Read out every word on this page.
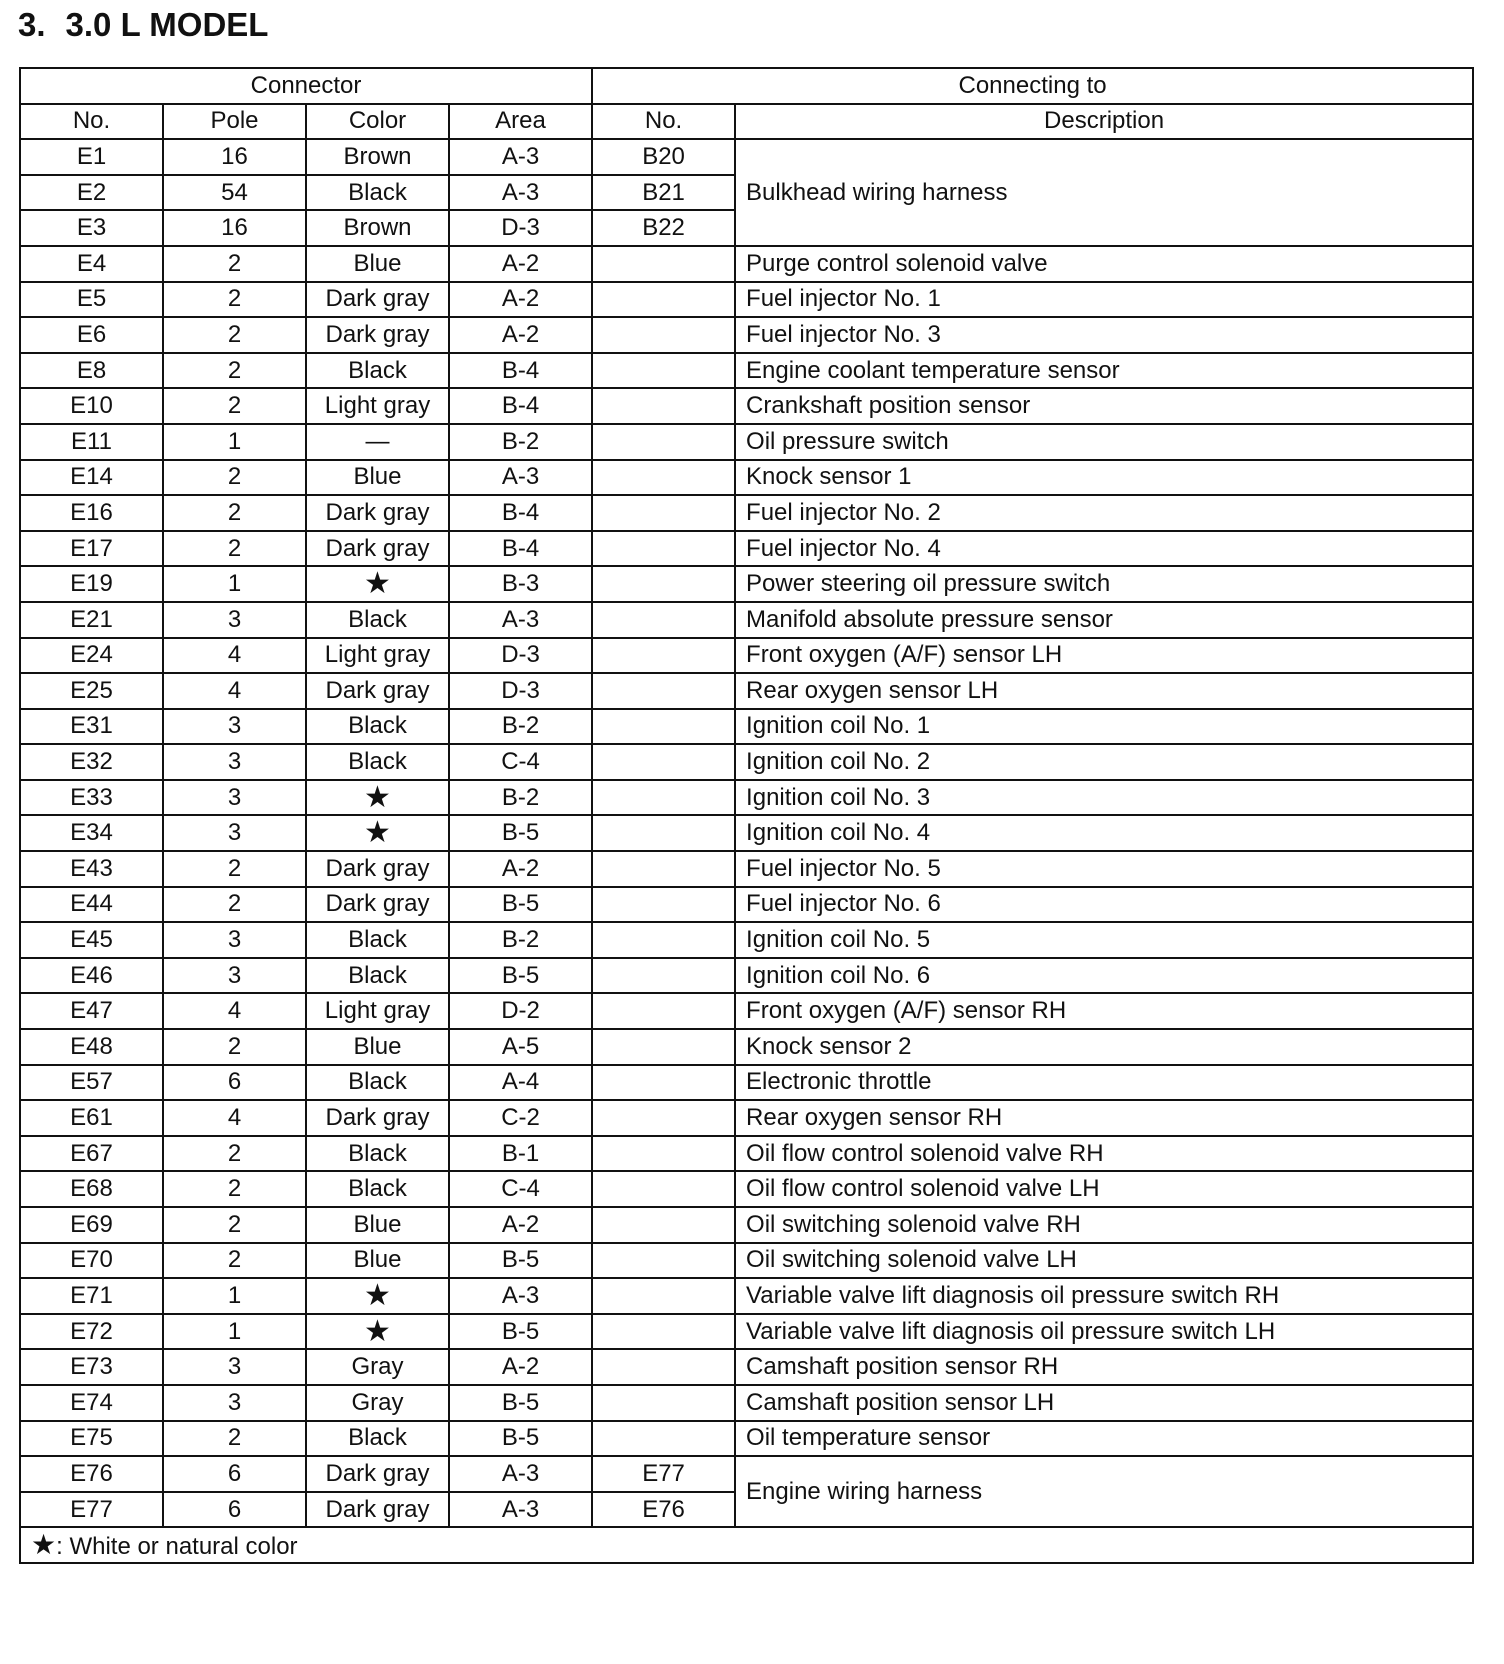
3. 3.0 L MODEL
Connector				Connecting to	
No.	Pole	Color	Area	No.	Description
E1	16	Brown	A-3	B20	Bulkhead wiring harness
E2	54	Black	A-3	B21	
E3	16	Brown	D-3	B22	
E4	2	Blue	A-2		Purge control solenoid valve
E5	2	Dark gray	A-2		Fuel injector No. 1
E6	2	Dark gray	A-2		Fuel injector No. 3
E8	2	Black	B-4		Engine coolant temperature sensor
E10	2	Light gray	B-4		Crankshaft position sensor
E11	1	—	B-2		Oil pressure switch
E14	2	Blue	A-3		Knock sensor 1
E16	2	Dark gray	B-4		Fuel injector No. 2
E17	2	Dark gray	B-4		Fuel injector No. 4
E19	1	★	B-3		Power steering oil pressure switch
E21	3	Black	A-3		Manifold absolute pressure sensor
E24	4	Light gray	D-3		Front oxygen (A/F) sensor LH
E25	4	Dark gray	D-3		Rear oxygen sensor LH
E31	3	Black	B-2		Ignition coil No. 1
E32	3	Black	C-4		Ignition coil No. 2
E33	3	★	B-2		Ignition coil No. 3
E34	3	★	B-5		Ignition coil No. 4
E43	2	Dark gray	A-2		Fuel injector No. 5
E44	2	Dark gray	B-5		Fuel injector No. 6
E45	3	Black	B-2		Ignition coil No. 5
E46	3	Black	B-5		Ignition coil No. 6
E47	4	Light gray	D-2		Front oxygen (A/F) sensor RH
E48	2	Blue	A-5		Knock sensor 2
E57	6	Black	A-4		Electronic throttle
E61	4	Dark gray	C-2		Rear oxygen sensor RH
E67	2	Black	B-1		Oil flow control solenoid valve RH
E68	2	Black	C-4		Oil flow control solenoid valve LH
E69	2	Blue	A-2		Oil switching solenoid valve RH
E70	2	Blue	B-5		Oil switching solenoid valve LH
E71	1	★	A-3		Variable valve lift diagnosis oil pressure switch RH
E72	1	★	B-5		Variable valve lift diagnosis oil pressure switch LH
E73	3	Gray	A-2		Camshaft position sensor RH
E74	3	Gray	B-5		Camshaft position sensor LH
E75	2	Black	B-5		Oil temperature sensor
E76	6	Dark gray	A-3	E77	Engine wiring harness
E77	6	Dark gray	A-3	E76	
★: White or natural color					
